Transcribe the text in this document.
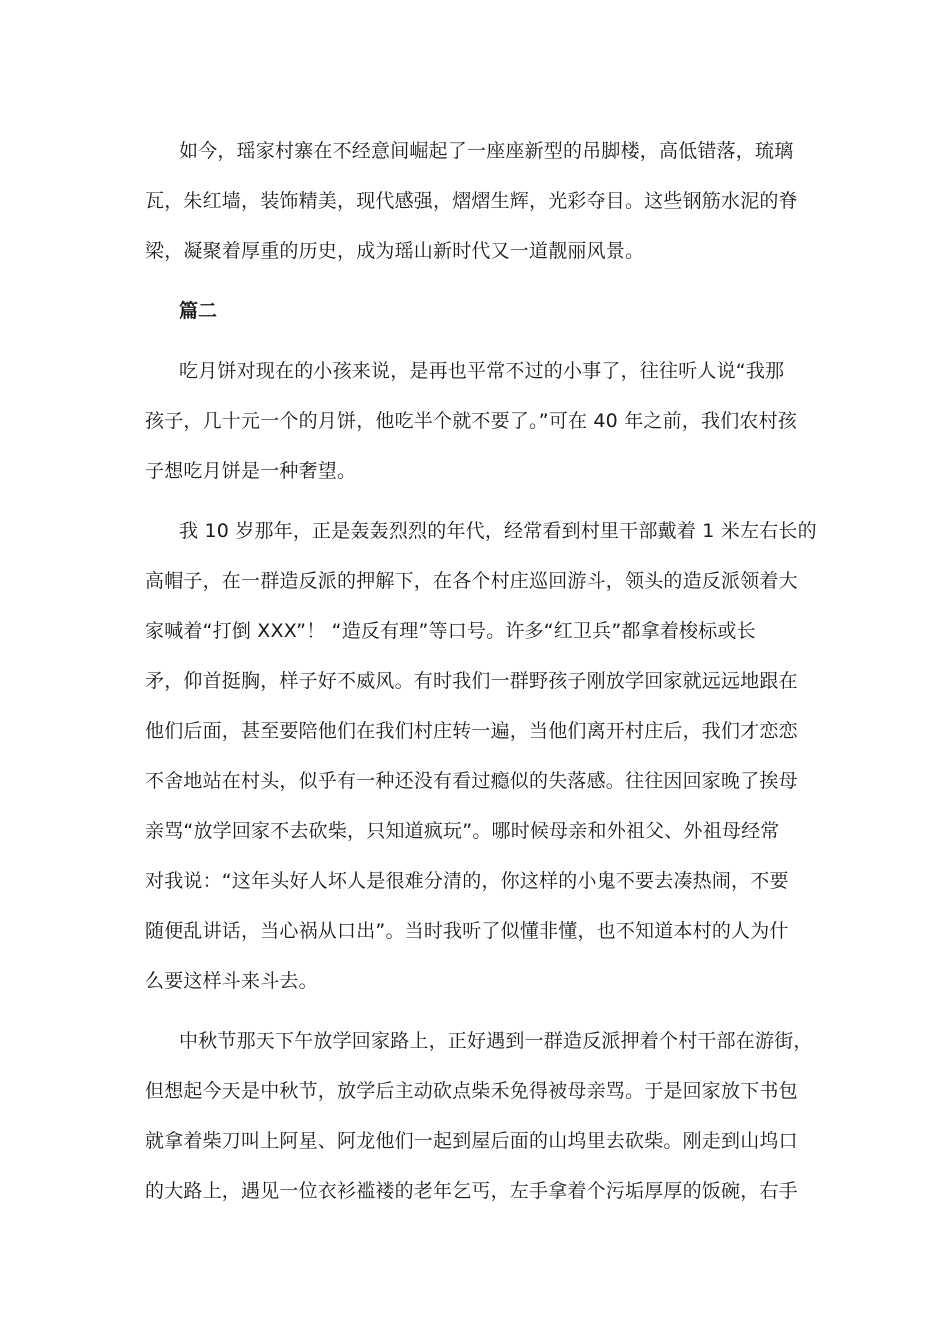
如今，瑶家村寨在不经意间崛起了一座座新型的吊脚楼，高低错落，琉璃
瓦，朱红墙，装饰精美，现代感强，熠熠生辉，光彩夺目。这些钢筋水泥的脊
梁，凝聚着厚重的历史，成为瑶山新时代又一道靓丽风景。

篇二

吃月饼对现在的小孩来说，是再也平常不过的小事了，往往听人说“我那
孩子，几十元一个的月饼，他吃半个就不要了。”可在 40 年之前，我们农村孩
子想吃月饼是一种奢望。

我 10 岁那年，正是轰轰烈烈的年代，经常看到村里干部戴着 1 米左右长的
高帽子，在一群造反派的押解下，在各个村庄巡回游斗，领头的造反派领着大
家喊着“打倒 XXX”！ “造反有理”等口号。许多“红卫兵”都拿着梭标或长
矛，仰首挺胸，样子好不威风。有时我们一群野孩子刚放学回家就远远地跟在
他们后面，甚至要陪他们在我们村庄转一遍，当他们离开村庄后，我们才恋恋
不舍地站在村头，似乎有一种还没有看过瘾似的失落感。往往因回家晚了挨母
亲骂“放学回家不去砍柴，只知道疯玩”。哪时候母亲和外祖父、外祖母经常
对我说：“这年头好人坏人是很难分清的，你这样的小鬼不要去凑热闹，不要
随便乱讲话，当心祸从口出”。当时我听了似懂非懂，也不知道本村的人为什
么要这样斗来斗去。

中秋节那天下午放学回家路上，正好遇到一群造反派押着个村干部在游街，
但想起今天是中秋节，放学后主动砍点柴禾免得被母亲骂。于是回家放下书包
就拿着柴刀叫上阿星、阿龙他们一起到屋后面的山坞里去砍柴。刚走到山坞口
的大路上，遇见一位衣衫褴褛的老年乞丐，左手拿着个污垢厚厚的饭碗，右手
